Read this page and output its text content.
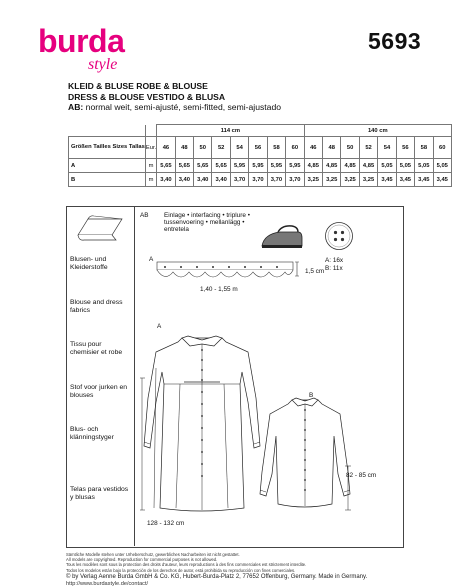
burda
style
5693
KLEID & BLUSE ROBE & BLOUSE
DRESS & BLOUSE VESTIDO & BLUSA
AB: normal weit, semi-ajusté, semi-fitted, semi-ajustado
		114 cm								140 cm							
Größen Tailles Sizes Tallas	Eur.	46	48	50	52	54	56	58	60	46	48	50	52	54	56	58	60
A	m	5,65	5,65	5,65	5,65	5,95	5,95	5,95	5,95	4,85	4,85	4,85	4,85	5,05	5,05	5,05	5,05
B	m	3,40	3,40	3,40	3,40	3,70	3,70	3,70	3,70	3,25	3,25	3,25	3,25	3,45	3,45	3,45	3,45
Blusen- und Kleiderstoffe
Blouse and dress fabrics
Tissu pour chemisier et robe
Stof voor jurken en blouses
Blus- och klänningstyger
Telas para vestidos y blusas
AB Einlage • interfacing • triplure •
tussenvoering • mellanlägg •
entretela
A: 16x
B: 11x
A
1,5 cm
1,40 - 1,55 m
A
128 - 132 cm
B
82 - 85 cm
Sämtliche Modelle stehen unter Urheberschutz, gewerbliches Nacharbeiten ist nicht gestattet.
All models are copyrighted. Reproduction for commercial purposes is not allowed.
Tous les modèles sont sous la protection des droits d'auteur, leurs reproductions à des fins commerciales est strictement interdite.
Todos los modelos están bajo la protección de los derechos de autor, está prohibida su reproducción con fines comerciales.
© by Verlag Aenne Burda GmbH & Co. KG, Hubert-Burda-Platz 2, 77652 Offenburg, Germany. Made in Germany.
http://www.burdastyle.de/contact/
